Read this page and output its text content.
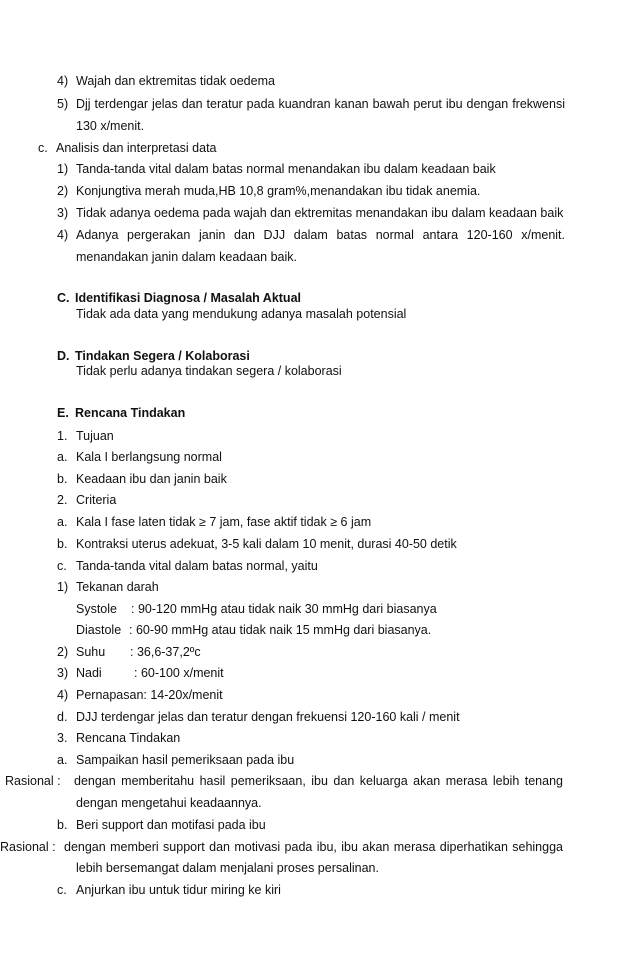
4) Wajah dan ektremitas tidak oedema
5) Djj terdengar jelas dan teratur pada kuandran kanan bawah perut ibu dengan frekwensi
130 x/menit.
c. Analisis dan interpretasi data
1) Tanda-tanda vital dalam batas normal menandakan ibu dalam keadaan baik
2) Konjungtiva merah muda,HB 10,8 gram%,menandakan ibu tidak anemia.
3) Tidak adanya oedema pada wajah dan ektremitas menandakan ibu dalam keadaan baik
4) Adanya pergerakan janin dan DJJ dalam batas normal antara 120-160 x/menit.
menandakan janin dalam keadaan baik.
C. Identifikasi Diagnosa / Masalah Aktual
Tidak ada data yang mendukung adanya masalah potensial
D. Tindakan Segera / Kolaborasi
Tidak perlu adanya tindakan segera / kolaborasi
E. Rencana Tindakan
1. Tujuan
a. Kala I berlangsung normal
b. Keadaan ibu dan janin baik
2. Criteria
a. Kala I fase laten tidak ≥ 7 jam, fase aktif tidak ≥ 6 jam
b. Kontraksi uterus adekuat, 3-5 kali dalam 10 menit, durasi 40-50 detik
c. Tanda-tanda vital dalam batas normal, yaitu
1) Tekanan darah
Systole : 90-120 mmHg atau tidak naik 30 mmHg dari biasanya
Diastole : 60-90 mmHg atau tidak naik 15 mmHg dari biasanya.
2) Suhu : 36,6-37,2ºc
3) Nadi	: 60-100 x/menit
4) Pernapasan: 14-20x/menit
d. DJJ terdengar jelas dan teratur dengan frekuensi 120-160 kali / menit
3. Rencana Tindakan
a. Sampaikan hasil pemeriksaan pada ibu
Rasional : dengan memberitahu hasil pemeriksaan, ibu dan keluarga akan merasa lebih tenang
dengan mengetahui keadaannya.
b. Beri support dan motifasi pada ibu
Rasional : dengan memberi support dan motivasi pada ibu, ibu akan merasa diperhatikan sehingga
lebih bersemangat dalam menjalani proses persalinan.
c. Anjurkan ibu untuk tidur miring ke kiri
